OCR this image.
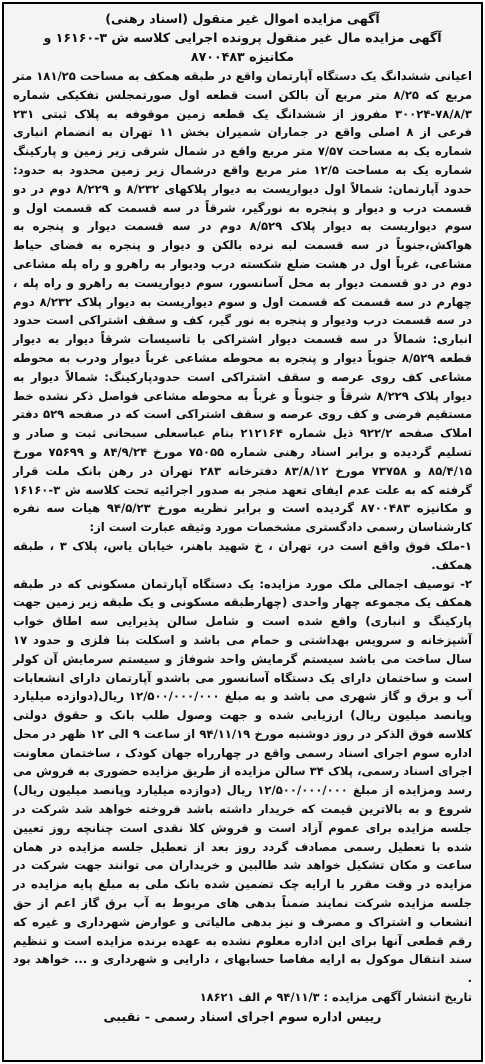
آگهی مزایده اموال غیر منقول (اسناد رهنی)

آگهی مزایده مال غیر منقول پرونده اجرایی کلاسه ش ۳-۱۶۱۶۰ و

مکانیزه ۸۷۰۰۴۸۳

اعیانی ششدانگ یک دستگاه آپارتمان واقع در طبقه همکف به مساحت ۱۸۱/۲۵ متر مربع که ۸/۲۵ متر مربع آن بالکن است قطعه اول صورتمجلس تفکیکی شماره ۷۸/۸/۳-۳۰۰۲۴ مفروز از ششدانگ یک قطعه زمین موقوفه به پلاک ثبتی ۲۳۱ فرعی از ۸ اصلی واقع در جماران شمیران بخش ۱۱ تهران به انضمام انباری شماره یک به مساحت ۷/۵۷ متر مربع واقع در شمال شرقی زیر زمین و پارکینگ شماره یک به مساحت ۱۲/۵ متر مربع واقع درشمال زیر زمین محدود به حدود: حدود آپارتمان: شمالاً اول دیواریست به دیوار پلاکهای ۸/۲۳۲ و ۸/۲۲۹ دوم در دو قسمت درب و دیوار و پنجره به نورگیر، شرقاً در سه قسمت که قسمت اول و سوم دیواریست به دیوار پلاک ۸/۵۲۹ دوم در سه قسمت دیوار و پنجره به هواکش،جنوباً در سه قسمت لبه نرده بالکن و دیوار و پنجره به فضای حیاط مشاعی، غرباً اول در هشت ضلع شکسته درب ودیوار به راهرو و راه پله مشاعی دوم در دو قسمت دیوار به محل آسانسور، سوم دیواریست به راهرو و راه پله ، چهارم در سه قسمت که قسمت اول و سوم دیواریست به دیوار پلاک ۸/۲۳۲ دوم در سه قسمت درب ودیوار و پنجره به نور گیر، کف و سقف اشتراکی است حدود انباری: شمالاً در سه قسمت دیوار اشتراکی با تاسیسات شرقاً دیوار به دیوار قطعه ۸/۵۲۹ جنوباً دیوار و پنجره به محوطه مشاعی غرباً دیوار ودرب به محوطه مشاعی کف روی عرصه و سقف اشتراکی است حدودپارکینگ: شمالاً دیوار به دیوار پلاک ۸/۲۲۹ شرقاً و جنوباً و غرباً به محوطه مشاعی فواصل ذکر نشده خط مستقیم فرضی و کف روی عرصه و سقف اشتراکی است که در صفحه ۵۲۹ دفتر املاک صفحه ۹۲۲/۲ ذیل شماره ۲۱۲۱۶۴ بنام عباسعلی سبحانی ثبت و صادر و تسلیم گردیده و برابر اسناد رهنی شماره ۷۵۰۵۵ مورخ ۸۴/۹/۲۴ و ۷۵۶۹۹ مورخ ۸۵/۴/۱۵ و ۷۳۷۵۸ مورخ ۸۳/۸/۱۲ دفترخانه ۲۸۳ تهران در رهن بانک ملت قرار گرفته که به علت عدم ایفای تعهد منجر به صدور اجرائیه تحت کلاسه ش ۳-۱۶۱۶۰ و مکانیزه ۸۷۰۰۴۸۳ گردیده است و برابر نظریه مورخ ۹۴/۵/۲۳ هیات سه نفره کارشناسان رسمی دادگستری مشخصات مورد وثیقه عبارت است از:

۱-ملک فوق واقع است در، تهران ، خ شهید باهنر، خیابان یاس، پلاک ۳ ، طبقه همکف.

۲- توصیف اجمالی ملک مورد مزایده: یک دستگاه آپارتمان مسکونی که در طبقه همکف یک مجموعه چهار واحدی (چهارطبقه مسکونی و یک طبقه زیر زمین جهت پارکینگ و انباری) واقع شده است و شامل سالن پذیرایی سه اطاق خواب آشپزخانه و سرویس بهداشتی و حمام می باشد و اسکلت بنا فلزی و حدود ۱۷ سال ساخت می باشد سیستم گرمایش واحد شوفاژ و سیستم سرمایش آن کولر است و ساختمان دارای یک دستگاه آسانسور می باشدو آپارتمان دارای انشعابات آب و برق و گاز شهری می باشد و به مبلغ ۱۲/۵۰۰/۰۰۰/۰۰۰ ریال(دوازده میلیارد وپانصد میلیون ریال) ارزیابی شده و جهت وصول طلب بانک و حقوق دولتی کلاسه فوق الذکر در روز دوشنبه مورخ ۹۴/۱۱/۱۹ از ساعت ۹ الی ۱۲ ظهر در محل اداره سوم اجرای اسناد رسمی واقع در چهارراه جهان کودک ، ساختمان معاونت اجرای اسناد رسمی، پلاک ۳۴ سالن مزایده از طریق مزایده حضوری به فروش می رسد ومزایده از مبلغ ۱۲/۵۰۰/۰۰۰/۰۰۰ ریال (دوازده میلیارد وپانصد میلیون ریال) شروع و به بالاترین قیمت که خریدار داشته باشد فروخته خواهد شد شرکت در جلسه مزایده برای عموم آزاد است و فروش کلا نقدی است چنانچه روز تعیین شده با تعطیل رسمی مصادف گردد روز بعد از تعطیل جلسه مزایده در همان ساعت و مکان تشکیل خواهد شد طالبین و خریداران می توانند جهت شرکت در مزایده در وقت مقرر با ارایه چک تضمین شده بانک ملی به مبلغ پایه مزایده در جلسه مزایده شرکت نمایند ضمناً بدهی های مربوط به آب برق گاز اعم از حق انشعاب و اشتراک و مصرف و نیز بدهی مالیاتی و عوارض شهرداری و غیره که رقم قطعی آنها برای این اداره معلوم نشده به عهده برنده مزایده است و تنظیم سند انتقال موکول به ارایه مفاصا حسابهای ، دارایی و شهرداری و ... خواهد بود .

تاریخ انتشار آگهی مزایده : ۹۴/۱۱/۳ م الف ۱۸۶۲۱

رییس اداره سوم اجرای اسناد رسمی - نقیبی
